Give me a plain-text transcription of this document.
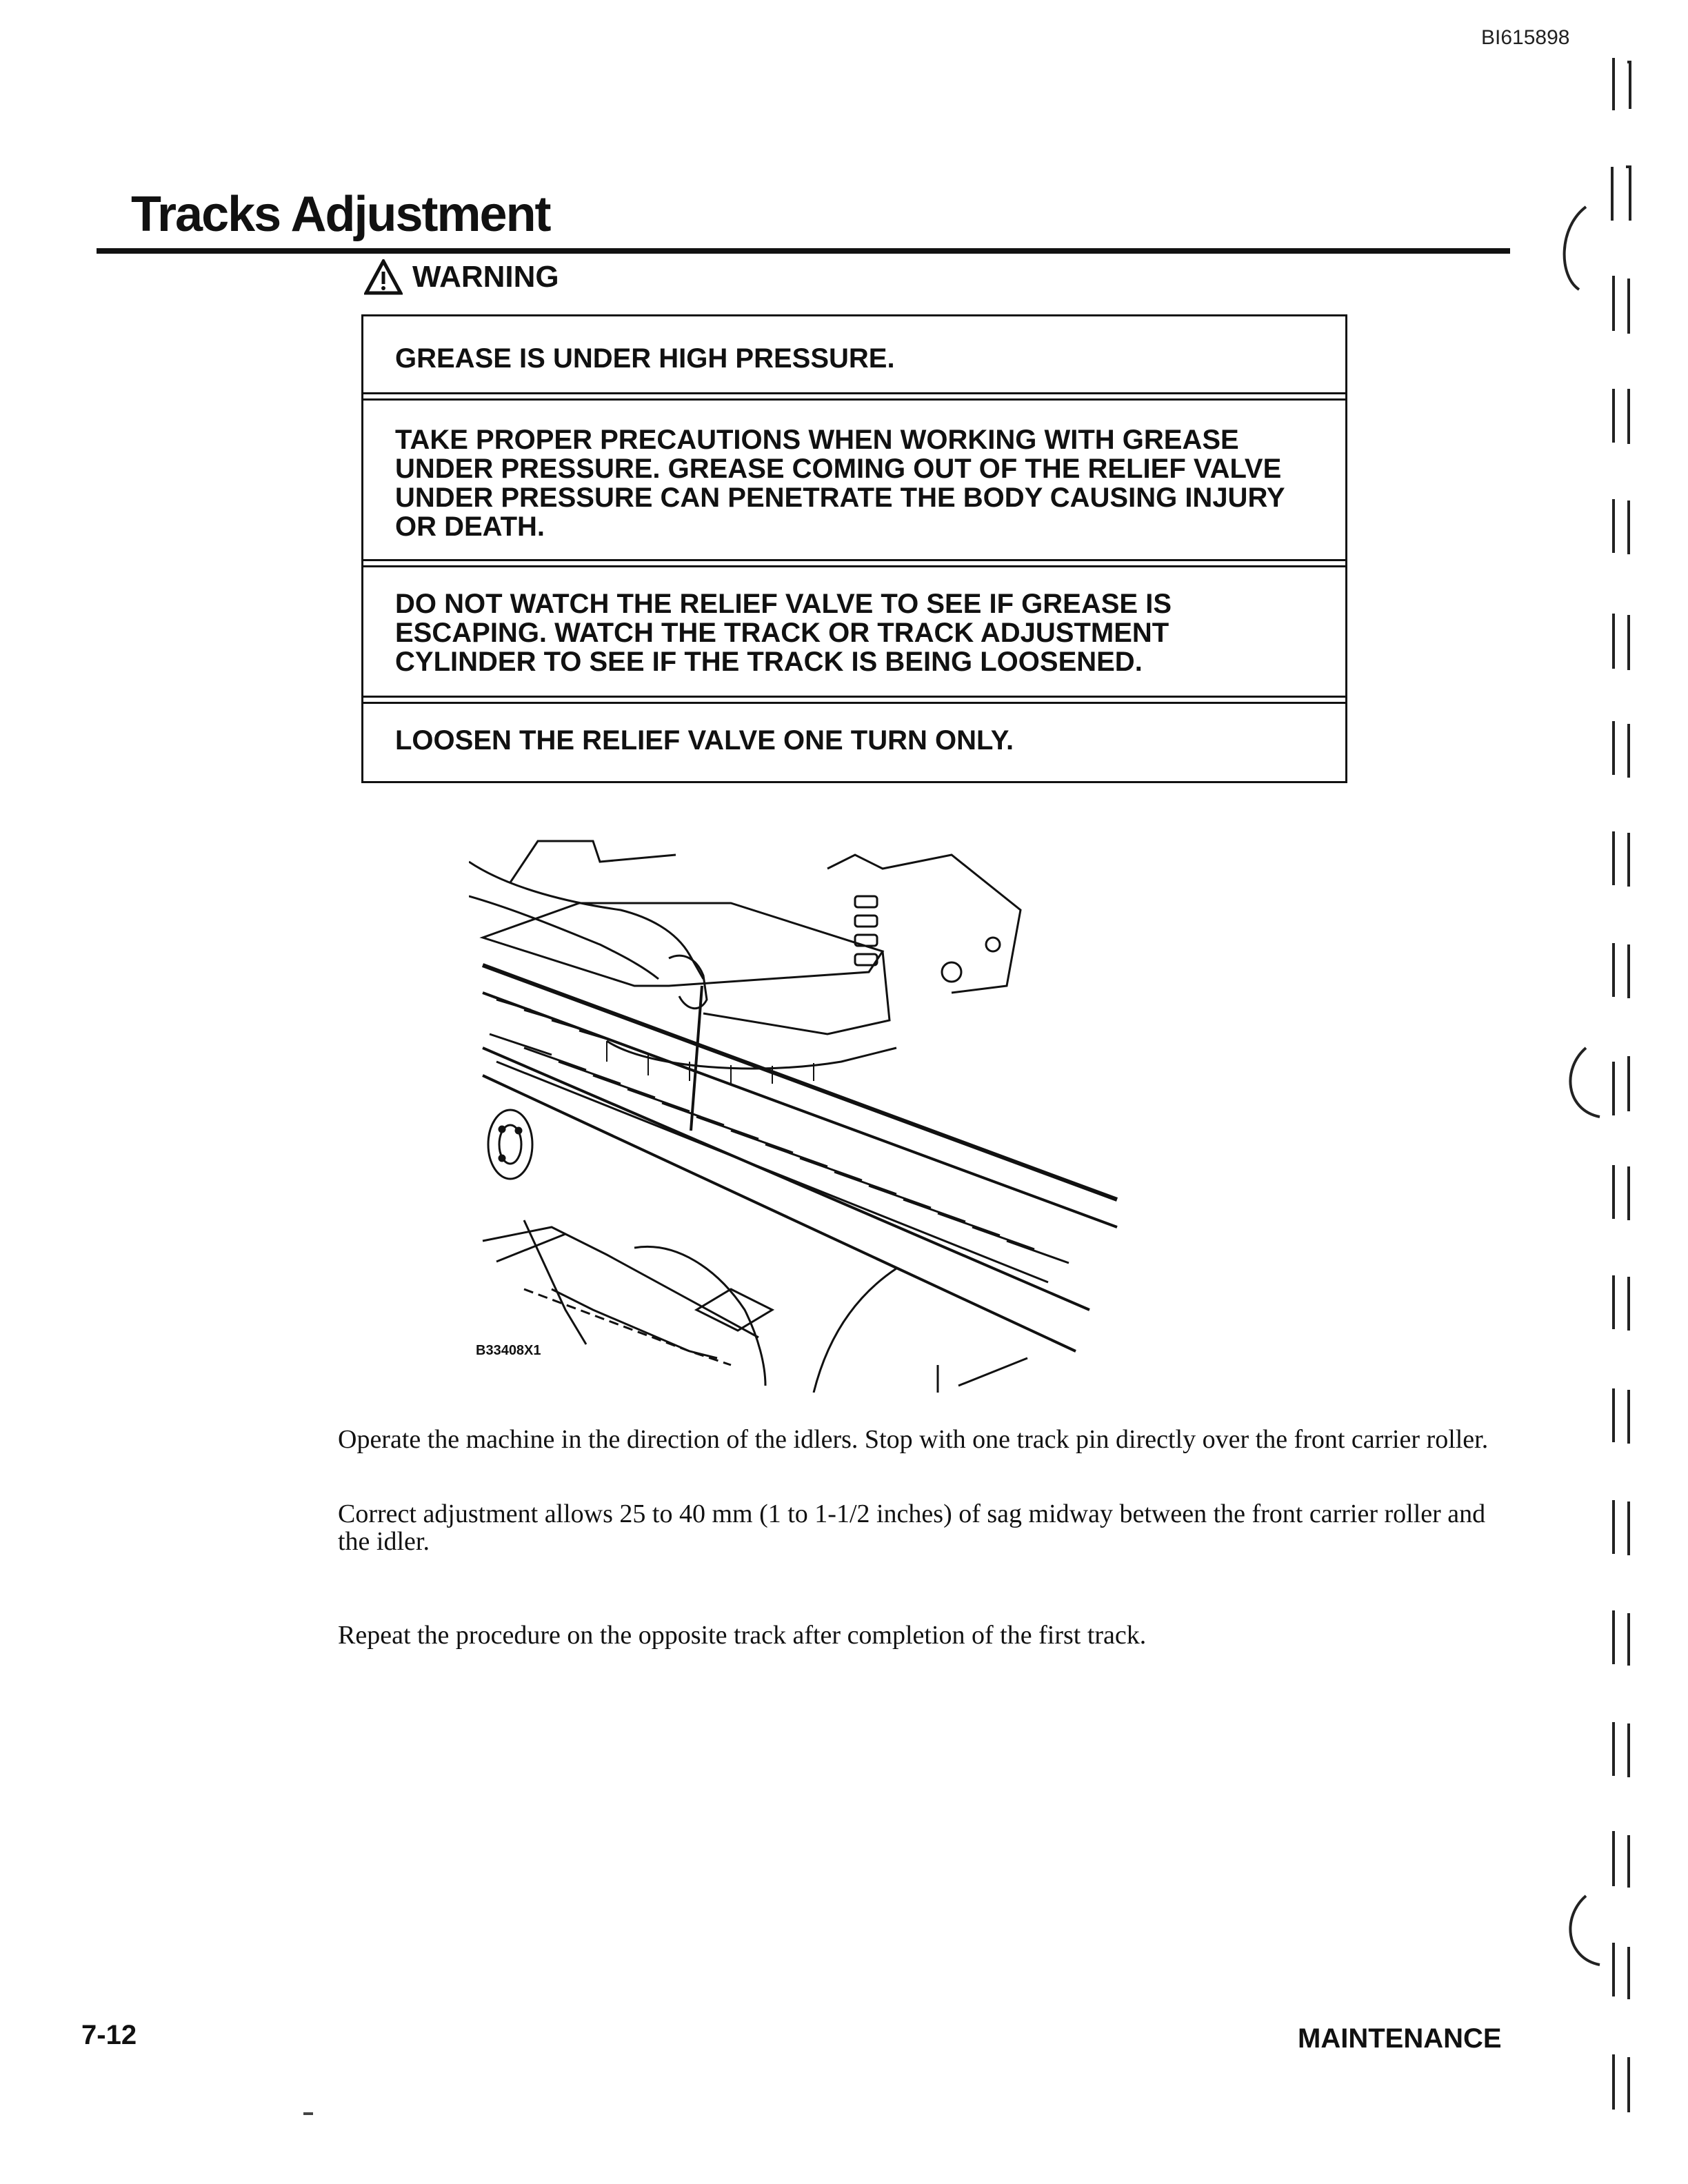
BI615898
Tracks Adjustment
WARNING
GREASE IS UNDER HIGH PRESSURE.
TAKE PROPER PRECAUTIONS WHEN WORKING WITH GREASE UNDER PRESSURE. GREASE COMING OUT OF THE RELIEF VALVE UNDER PRESSURE CAN PENETRATE THE BODY CAUSING INJURY OR DEATH.
DO NOT WATCH THE RELIEF VALVE TO SEE IF GREASE IS ESCAPING. WATCH THE TRACK OR TRACK ADJUSTMENT CYLINDER TO SEE IF THE TRACK IS BEING LOOSENED.
LOOSEN THE RELIEF VALVE ONE TURN ONLY.
B33408X1

Operate the machine in the direction of the idlers. Stop with one track pin directly over the front carrier roller.

Correct adjustment allows 25 to 40 mm (1 to 1-1/2 inches) of sag midway between the front carrier roller and the idler.

Repeat the procedure on the opposite track after completion of the first track.

7-12	MAINTENANCE
